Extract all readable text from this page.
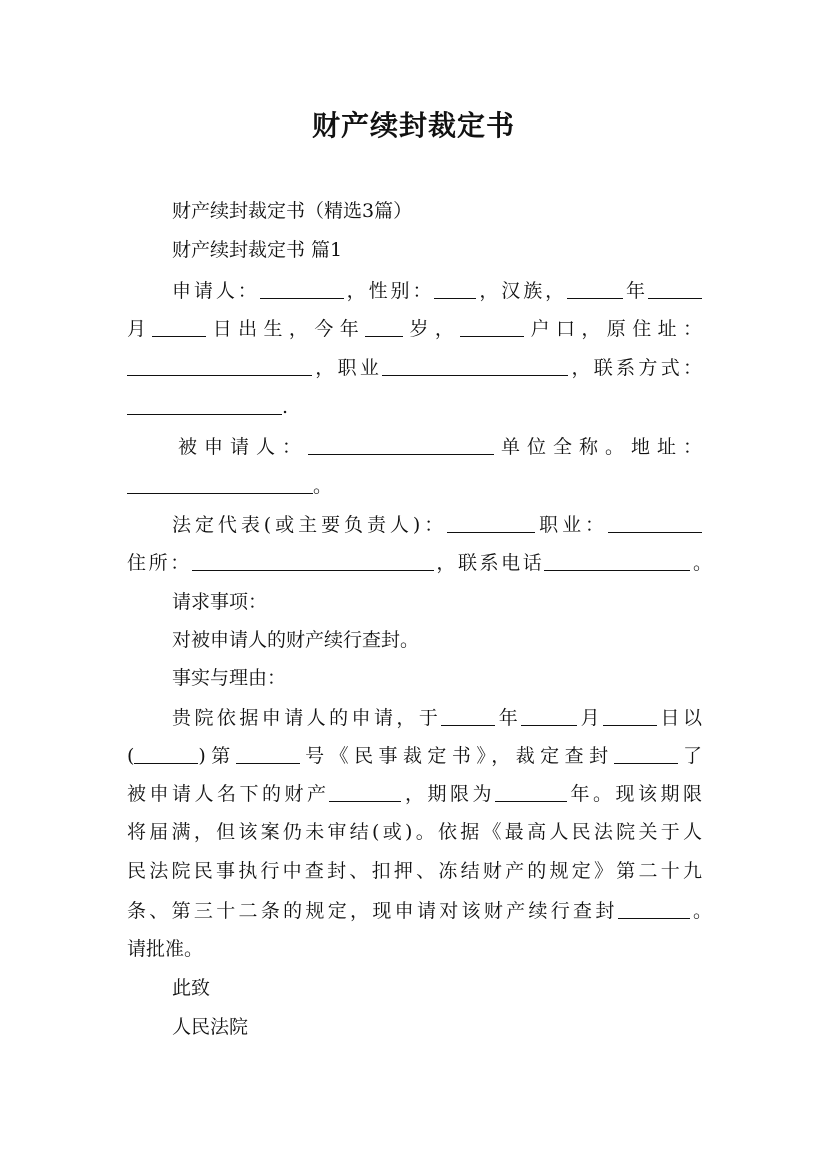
财产续封裁定书
财产续封裁定书（精选3篇）
财产续封裁定书 篇1
申请人：	，性别： ，汉族，	年
月	日出生，今年 岁，	户口，原住址：
，职业	，联系方式：
.
被申请人：	单位全称。地址：
。
法定代表(或主要负责人)：	职业：
住所：	，联系电话	。
请求事项：
对被申请人的财产续行查封。
事实与理由：
贵院依据申请人的申请，于	年	月	日以
(	)第	号《民事裁定书》，裁定查封	了
被申请人名下的财产	，期限为	年。现该期限
将届满，但该案仍未审结(或)。依据《最高人民法院关于人
民法院民事执行中查封、扣押、冻结财产的规定》第二十九
条、第三十二条的规定，现申请对该财产续行查封	。
请批准。
此致
人民法院
